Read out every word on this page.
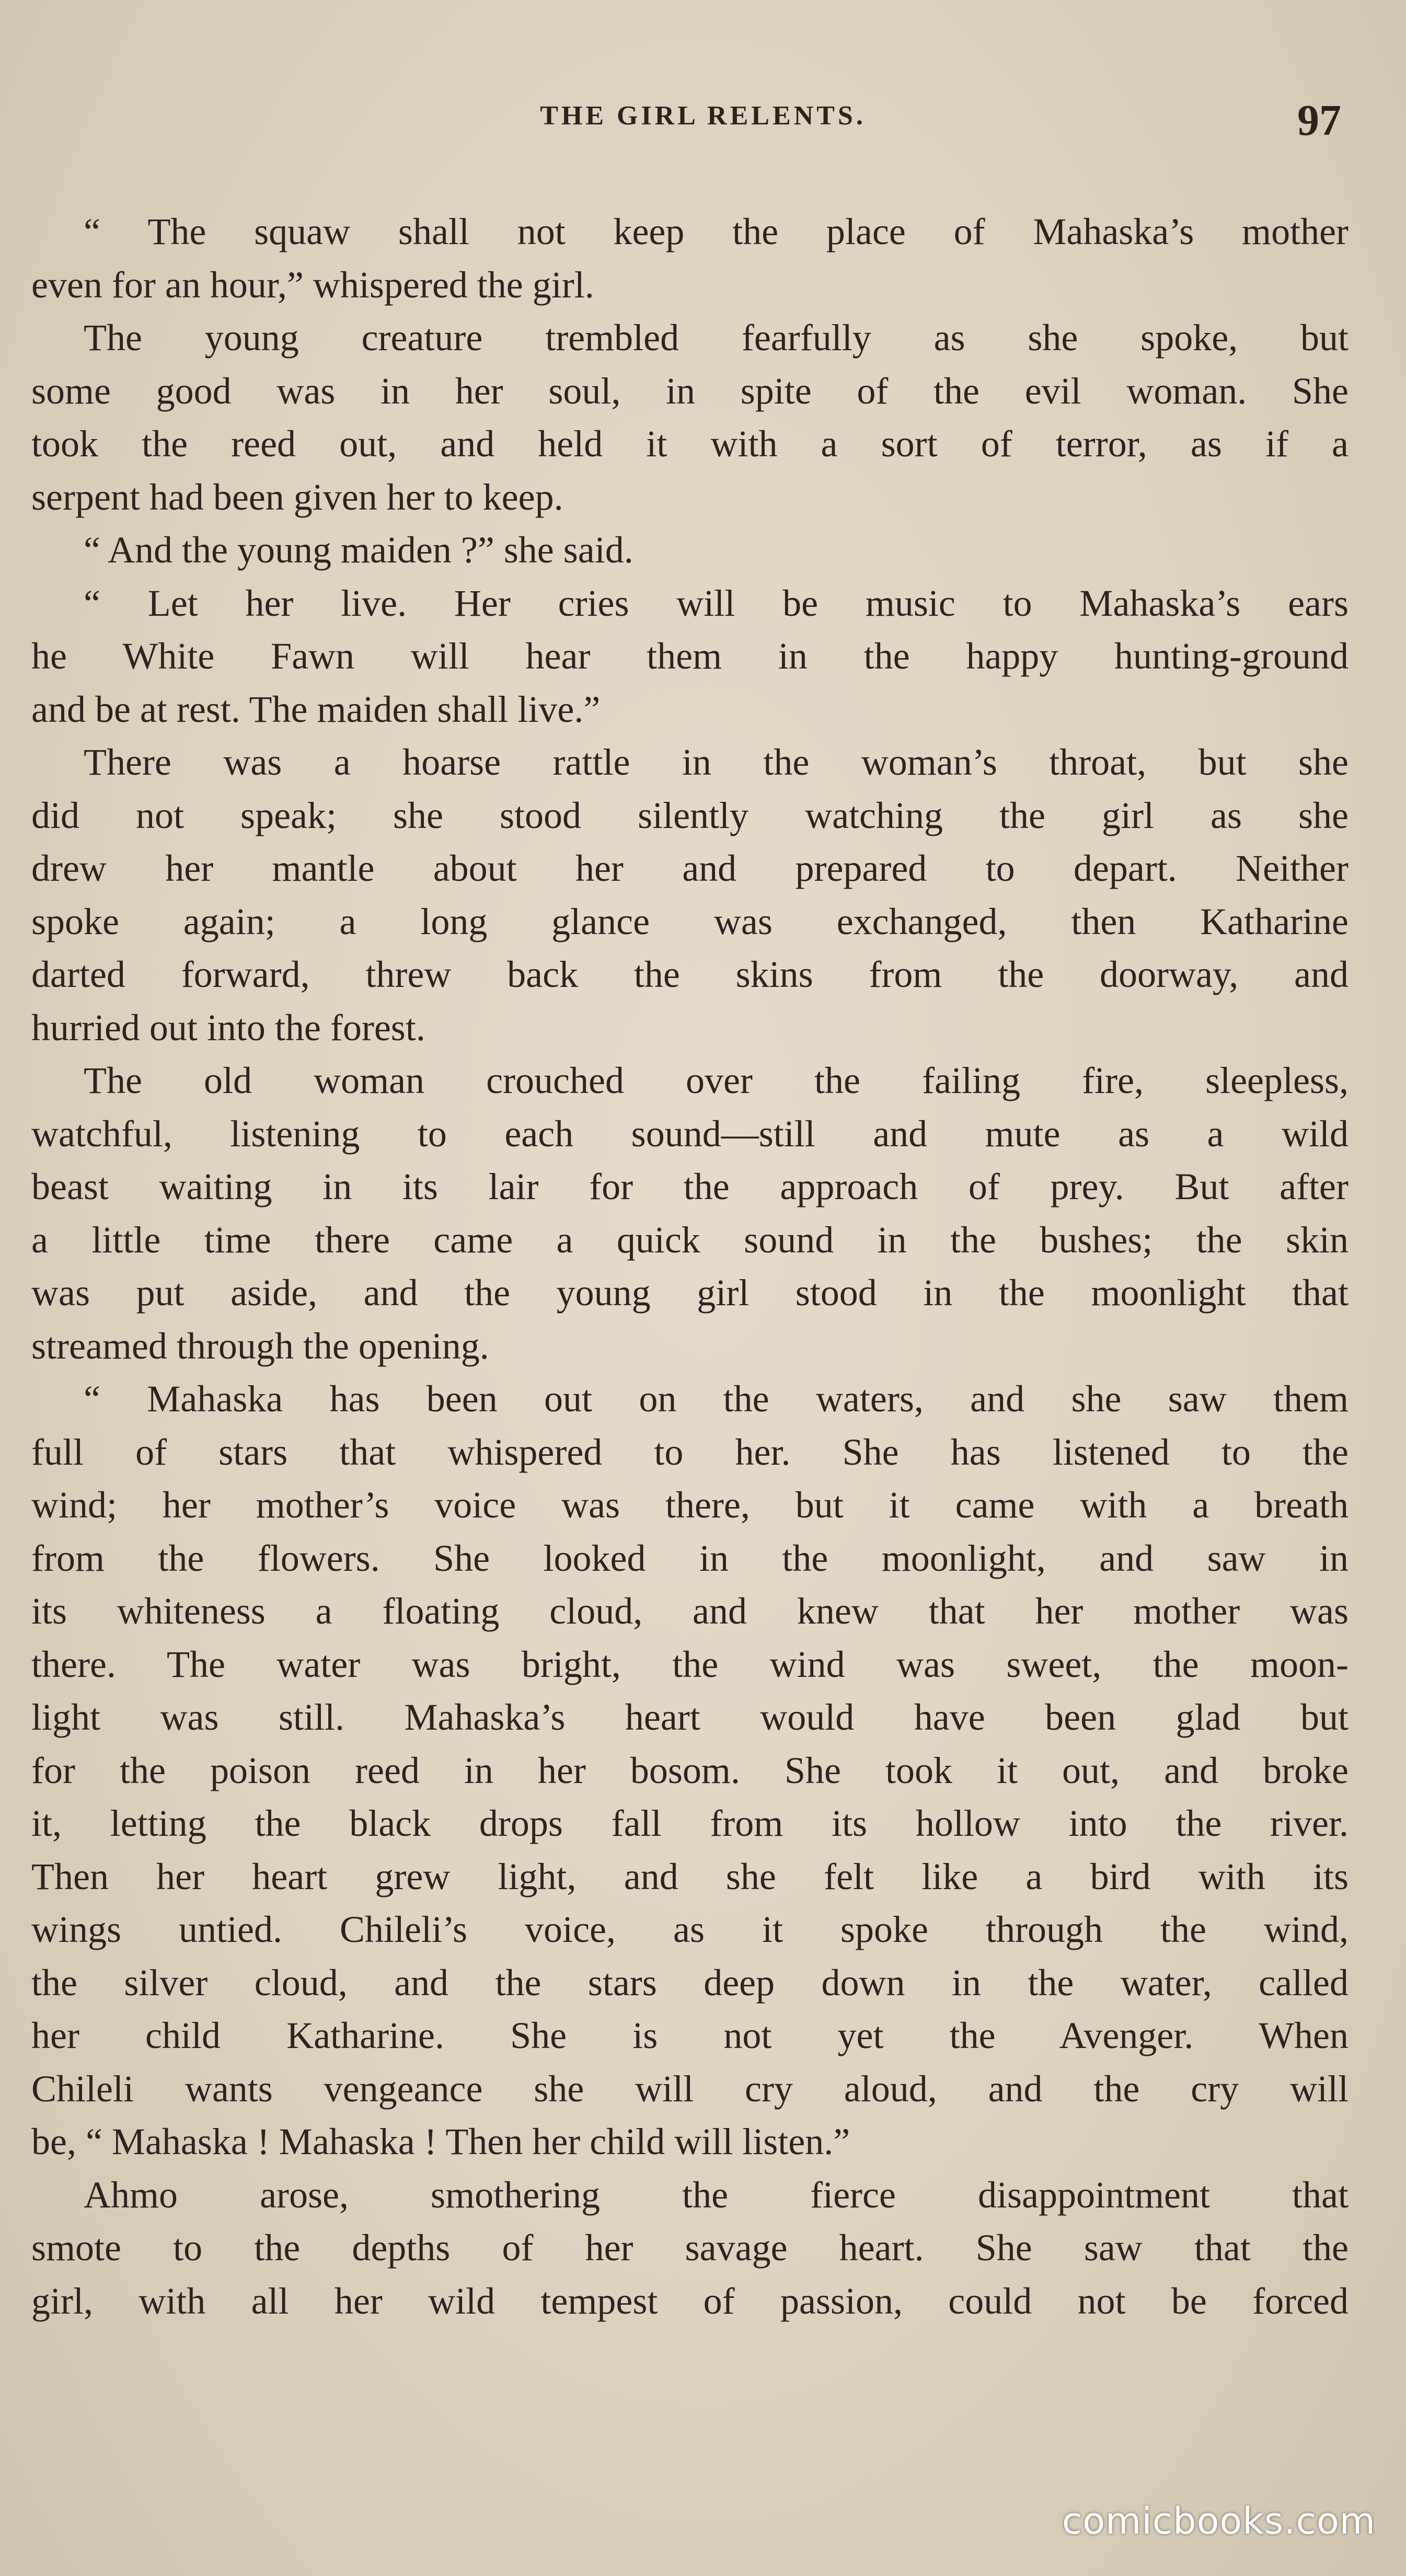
THE GIRL RELENTS.	97
“ The squaw shall not keep the place of Mahaska’s mother
even for an hour,” whispered the girl.
The young creature trembled fearfully as she spoke, but
some good was in her soul, in spite of the evil woman. She
took the reed out, and held it with a sort of terror, as if a
serpent had been given her to keep.
“ And the young maiden ?” she said.
“ Let her live. Her cries will be music to Mahaska’s ears
he White Fawn will hear them in the happy hunting-ground
and be at rest. The maiden shall live.”
There was a hoarse rattle in the woman’s throat, but she
did not speak; she stood silently watching the girl as she
drew her mantle about her and prepared to depart. Neither
spoke again; a long glance was exchanged, then Katharine
darted forward, threw back the skins from the doorway, and
hurried out into the forest.
The old woman crouched over the failing fire, sleepless,
watchful, listening to each sound—still and mute as a wild
beast waiting in its lair for the approach of prey. But after
a little time there came a quick sound in the bushes; the skin
was put aside, and the young girl stood in the moonlight that
streamed through the opening.
“ Mahaska has been out on the waters, and she saw them
full of stars that whispered to her. She has listened to the
wind; her mother’s voice was there, but it came with a breath
from the flowers. She looked in the moonlight, and saw in
its whiteness a floating cloud, and knew that her mother was
there. The water was bright, the wind was sweet, the moon-
light was still. Mahaska’s heart would have been glad but
for the poison reed in her bosom. She took it out, and broke
it, letting the black drops fall from its hollow into the river.
Then her heart grew light, and she felt like a bird with its
wings untied. Chileli’s voice, as it spoke through the wind,
the silver cloud, and the stars deep down in the water, called
her child Katharine. She is not yet the Avenger. When
Chileli wants vengeance she will cry aloud, and the cry will
be, “ Mahaska ! Mahaska ! Then her child will listen.”
Ahmo arose, smothering the fierce disappointment that
smote to the depths of her savage heart. She saw that the
girl, with all her wild tempest of passion, could not be forced
comicbooks.com
